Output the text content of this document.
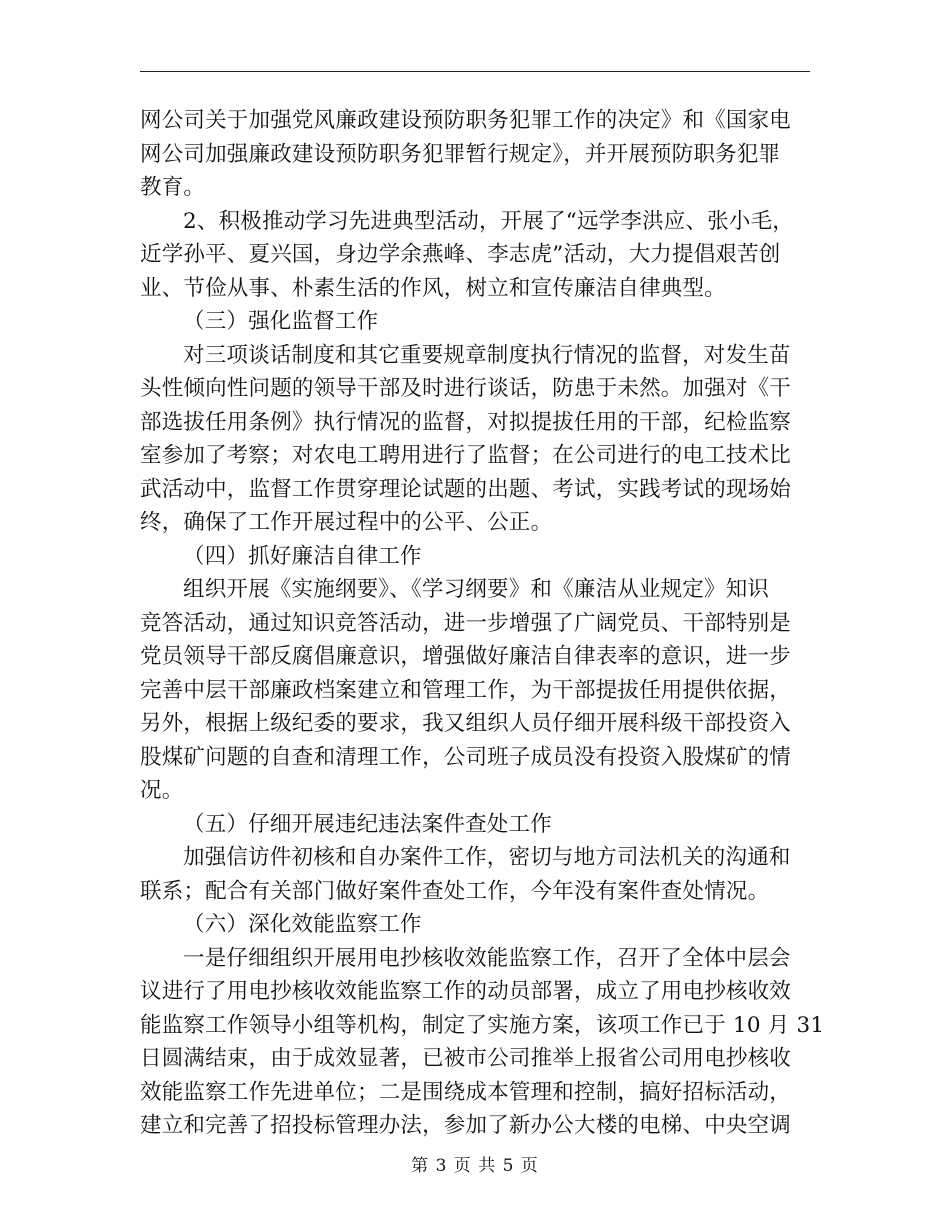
网公司关于加强党风廉政建设预防职务犯罪工作的决定》和《国家电
网公司加强廉政建设预防职务犯罪暂行规定》，并开展预防职务犯罪
教育。
2、积极推动学习先进典型活动，开展了“远学李洪应、张小毛，
近学孙平、夏兴国，身边学余燕峰、李志虎”活动，大力提倡艰苦创
业、节俭从事、朴素生活的作风，树立和宣传廉洁自律典型。
（三）强化监督工作
对三项谈话制度和其它重要规章制度执行情况的监督，对发生苗
头性倾向性问题的领导干部及时进行谈话，防患于未然。加强对《干
部选拔任用条例》执行情况的监督，对拟提拔任用的干部，纪检监察
室参加了考察；对农电工聘用进行了监督；在公司进行的电工技术比
武活动中，监督工作贯穿理论试题的出题、考试，实践考试的现场始
终，确保了工作开展过程中的公平、公正。
（四）抓好廉洁自律工作
组织开展《实施纲要》、《学习纲要》和《廉洁从业规定》知识
竞答活动，通过知识竞答活动，进一步增强了广阔党员、干部特别是
党员领导干部反腐倡廉意识，增强做好廉洁自律表率的意识，进一步
完善中层干部廉政档案建立和管理工作，为干部提拔任用提供依据，
另外，根据上级纪委的要求，我又组织人员仔细开展科级干部投资入
股煤矿问题的自查和清理工作，公司班子成员没有投资入股煤矿的情
况。
（五）仔细开展违纪违法案件查处工作
加强信访件初核和自办案件工作，密切与地方司法机关的沟通和
联系；配合有关部门做好案件查处工作，今年没有案件查处情况。
（六）深化效能监察工作
一是仔细组织开展用电抄核收效能监察工作，召开了全体中层会
议进行了用电抄核收效能监察工作的动员部署，成立了用电抄核收效
能监察工作领导小组等机构，制定了实施方案，该项工作已于 10 月 31
日圆满结束，由于成效显著，已被市公司推举上报省公司用电抄核收
效能监察工作先进单位；二是围绕成本管理和控制，搞好招标活动，
建立和完善了招投标管理办法，参加了新办公大楼的电梯、中央空调
第 3 页 共 5 页
